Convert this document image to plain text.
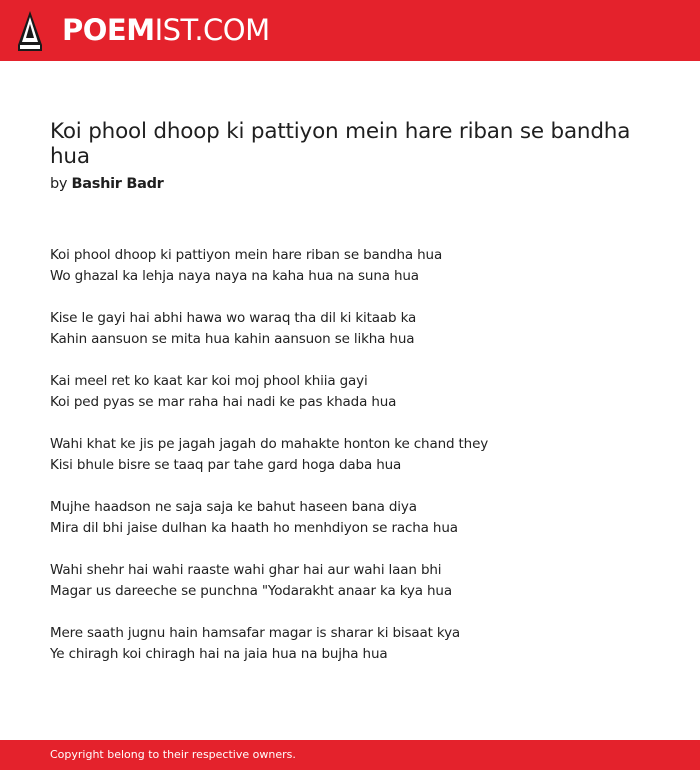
POEMIST.COM
Koi phool dhoop ki pattiyon mein hare riban se bandha hua
by Bashir Badr
Koi phool dhoop ki pattiyon mein hare riban se bandha hua
Wo ghazal ka lehja naya naya na kaha hua na suna hua
Kise le gayi hai abhi hawa wo waraq tha dil ki kitaab ka
Kahin aansuon se mita hua kahin aansuon se likha hua
Kai meel ret ko kaat kar koi moj phool khiia gayi
Koi ped pyas se mar raha hai nadi ke pas khada hua
Wahi khat ke jis pe jagah jagah do mahakte honton ke chand they
Kisi bhule bisre se taaq par tahe gard hoga daba hua
Mujhe haadson ne saja saja ke bahut haseen bana diya
Mira dil bhi jaise dulhan ka haath ho menhdiyon se racha hua
Wahi shehr hai wahi raaste wahi ghar hai aur wahi laan bhi
Magar us dareeche se punchna "Yodarakht anaar ka kya hua
Mere saath jugnu hain hamsafar magar is sharar ki bisaat kya
Ye chiragh koi chiragh hai na jaia hua na bujha hua
Copyright belong to their respective owners.
